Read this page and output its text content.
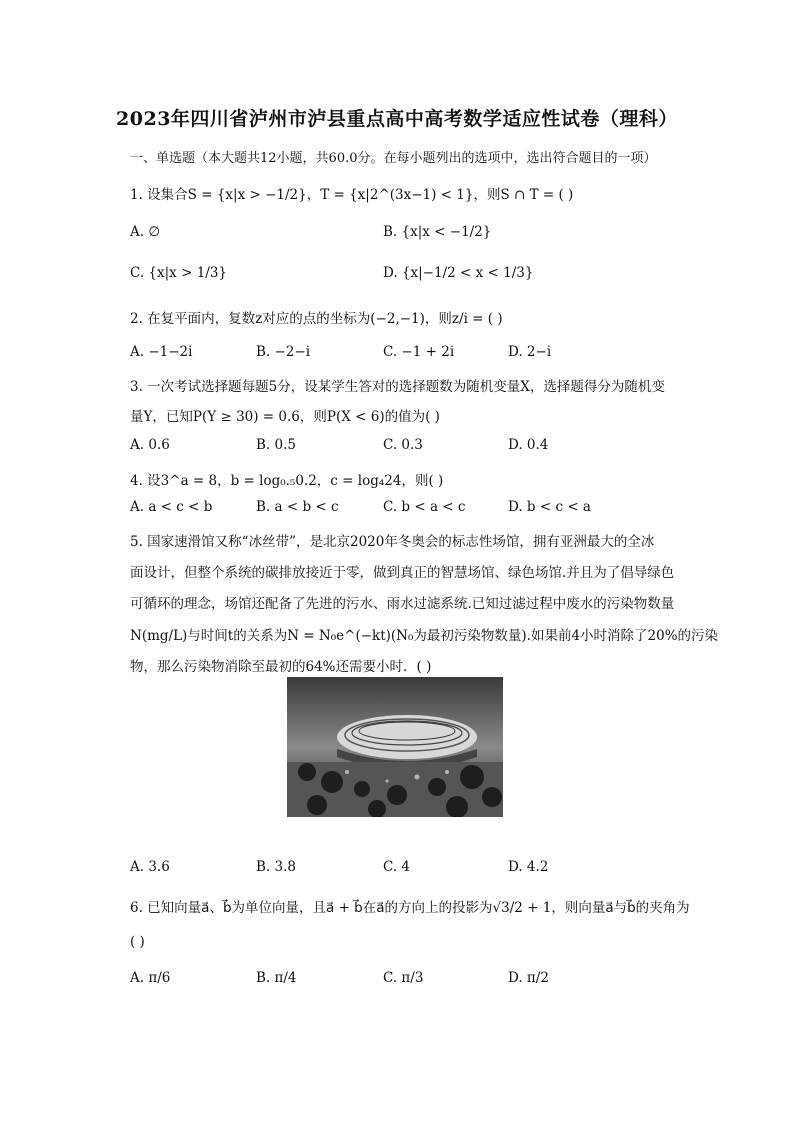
2023年四川省泸州市泸县重点高中高考数学适应性试卷（理科）
一、单选题（本大题共12小题，共60.0分。在每小题列出的选项中，选出符合题目的一项）
1. 设集合S = {x|x > −1/2}，T = {x|2^(3x−1) < 1}，则S ∩ T = ( )
A. ∅	B. {x|x < −1/2}
C. {x|x > 1/3}	D. {x|−1/2 < x < 1/3}
2. 在复平面内，复数z对应的点的坐标为(−2,−1)，则z/i = ( )
A. −1−2i	B. −2−i	C. −1 + 2i	D. 2−i
3. 一次考试选择题每题5分，设某学生答对的选择题数为随机变量X，选择题得分为随机变
量Y，已知P(Y ≥ 30) = 0.6，则P(X < 6)的值为( )
A. 0.6	B. 0.5	C. 0.3	D. 0.4
4. 设3^a = 8，b = log₀.₅0.2，c = log₄24，则( )
A. a < c < b	B. a < b < c	C. b < a < c	D. b < c < a
5. 国家速滑馆又称“冰丝带”，是北京2020年冬奥会的标志性场馆，拥有亚洲最大的全冰
面设计，但整个系统的碳排放接近于零，做到真正的智慧场馆、绿色场馆.并且为了倡导绿色
可循环的理念，场馆还配备了先进的污水、雨水过滤系统.已知过滤过程中废水的污染物数量
N(mg/L)与时间t的关系为N = N₀e^(−kt)(N₀为最初污染物数量).如果前4小时消除了20%的污染
物，那么污染物消除至最初的64%还需要小时．( )
A. 3.6	B. 3.8	C. 4	D. 4.2
6. 已知向量a⃗、b⃗为单位向量，且a⃗ + b⃗在a⃗的方向上的投影为√3/2 + 1，则向量a⃗与b⃗的夹角为
( )
A. π/6	B. π/4	C. π/3	D. π/2
